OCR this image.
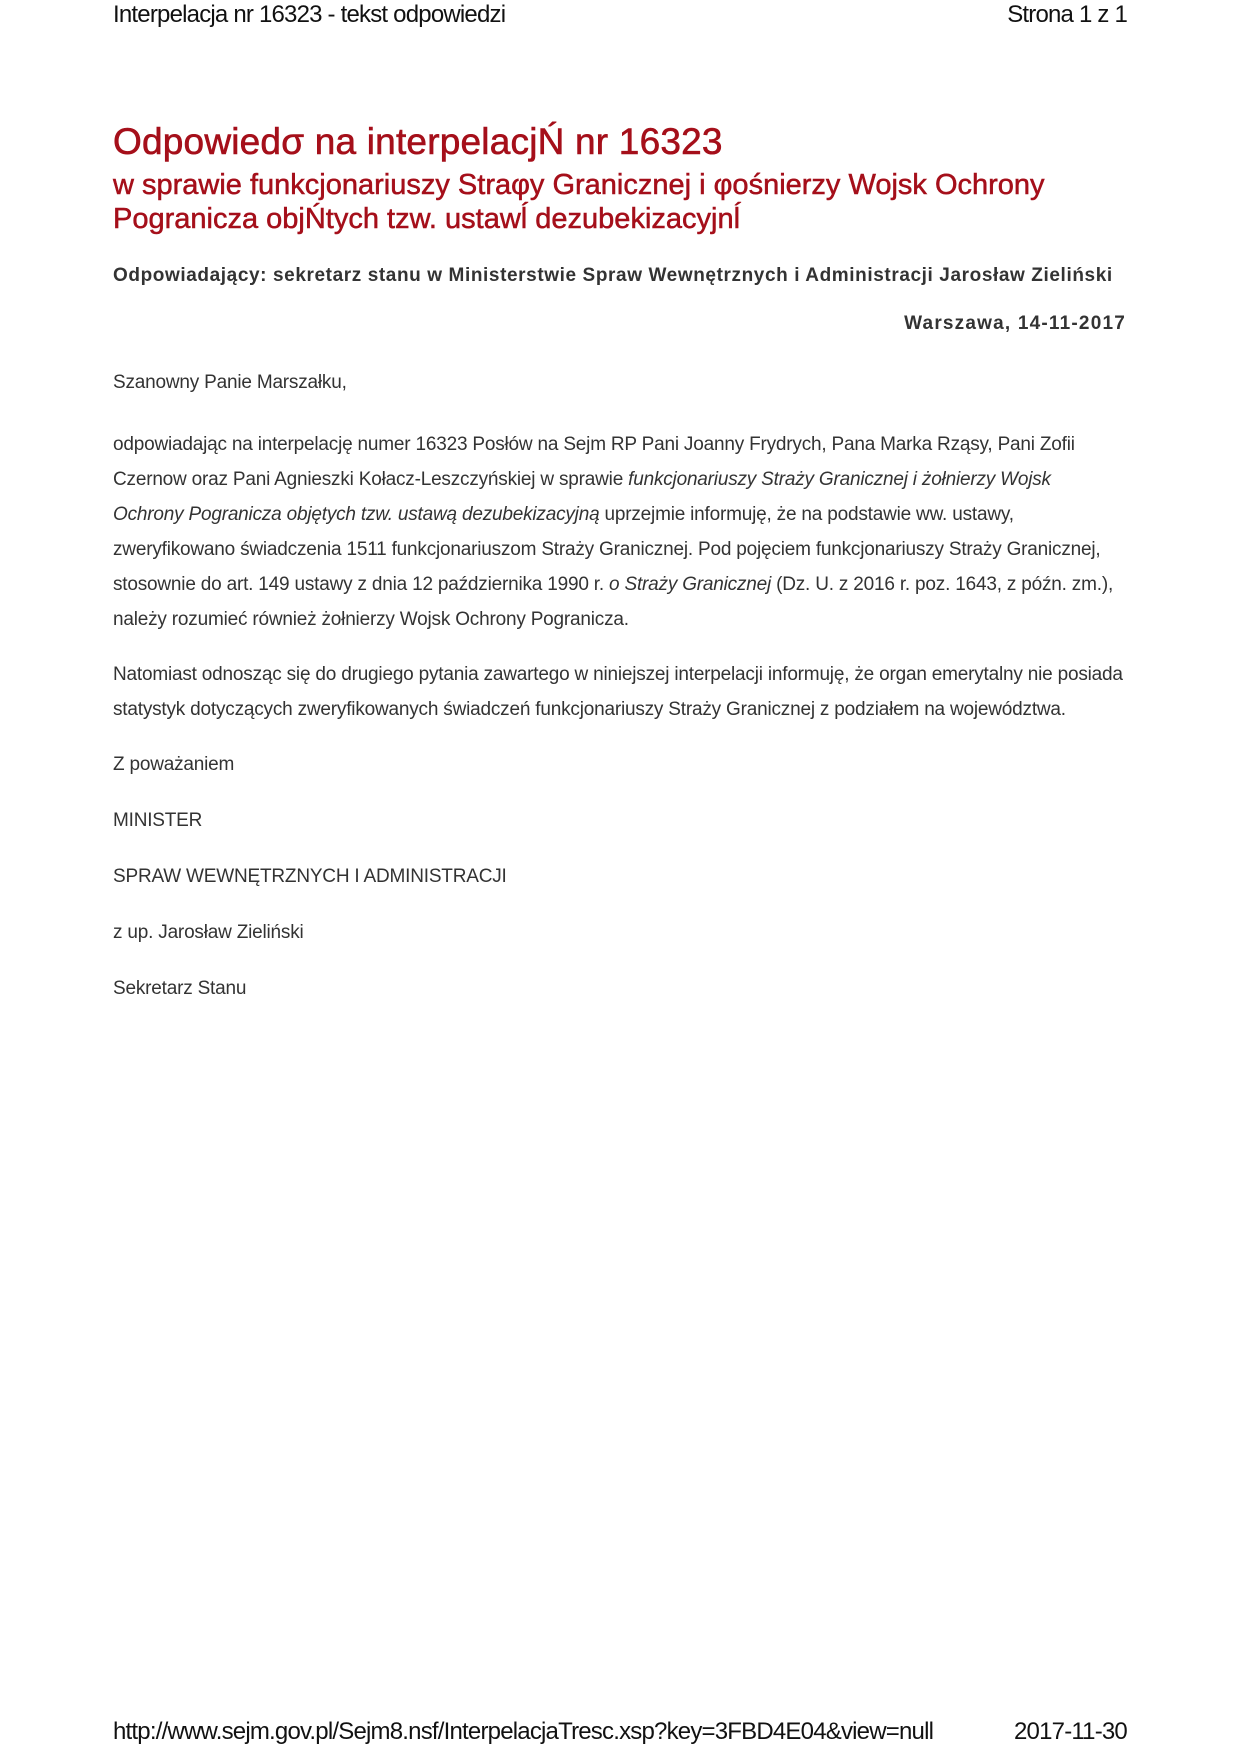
Interpelacja nr 16323 - tekst odpowiedzi	Strona 1 z 1
Odpowiedσ na interpelacjŃ nr 16323
w sprawie funkcjonariuszy Straφy Granicznej i φośnierzy Wojsk Ochrony Pogranicza objŃtych tzw. ustawĺ dezubekizacyjnĺ
Odpowiadający: sekretarz stanu w Ministerstwie Spraw Wewnętrznych i Administracji Jarosław Zieliński
Warszawa, 14-11-2017

Szanowny Panie Marszałku,

odpowiadając na interpelację numer 16323 Posłów na Sejm RP Pani Joanny Frydrych, Pana Marka Rząsy, Pani Zofii Czernow oraz Pani Agnieszki Kołacz-Leszczyńskiej w sprawie funkcjonariuszy Straży Granicznej i żołnierzy Wojsk Ochrony Pogranicza objętych tzw. ustawą dezubekizacyjną uprzejmie informuję, że na podstawie ww. ustawy, zweryfikowano świadczenia 1511 funkcjonariuszom Straży Granicznej. Pod pojęciem funkcjonariuszy Straży Granicznej, stosownie do art. 149 ustawy z dnia 12 października 1990 r. o Straży Granicznej (Dz. U. z 2016 r. poz. 1643, z późn. zm.), należy rozumieć również żołnierzy Wojsk Ochrony Pogranicza.

Natomiast odnosząc się do drugiego pytania zawartego w niniejszej interpelacji informuję, że organ emerytalny nie posiada statystyk dotyczących zweryfikowanych świadczeń funkcjonariuszy Straży Granicznej z podziałem na województwa.

Z poważaniem

MINISTER

SPRAW WEWNĘTRZNYCH I ADMINISTRACJI

z up. Jarosław Zieliński

Sekretarz Stanu

http://www.sejm.gov.pl/Sejm8.nsf/InterpelacjaTresc.xsp?key=3FBD4E04&view=null	2017-11-30
